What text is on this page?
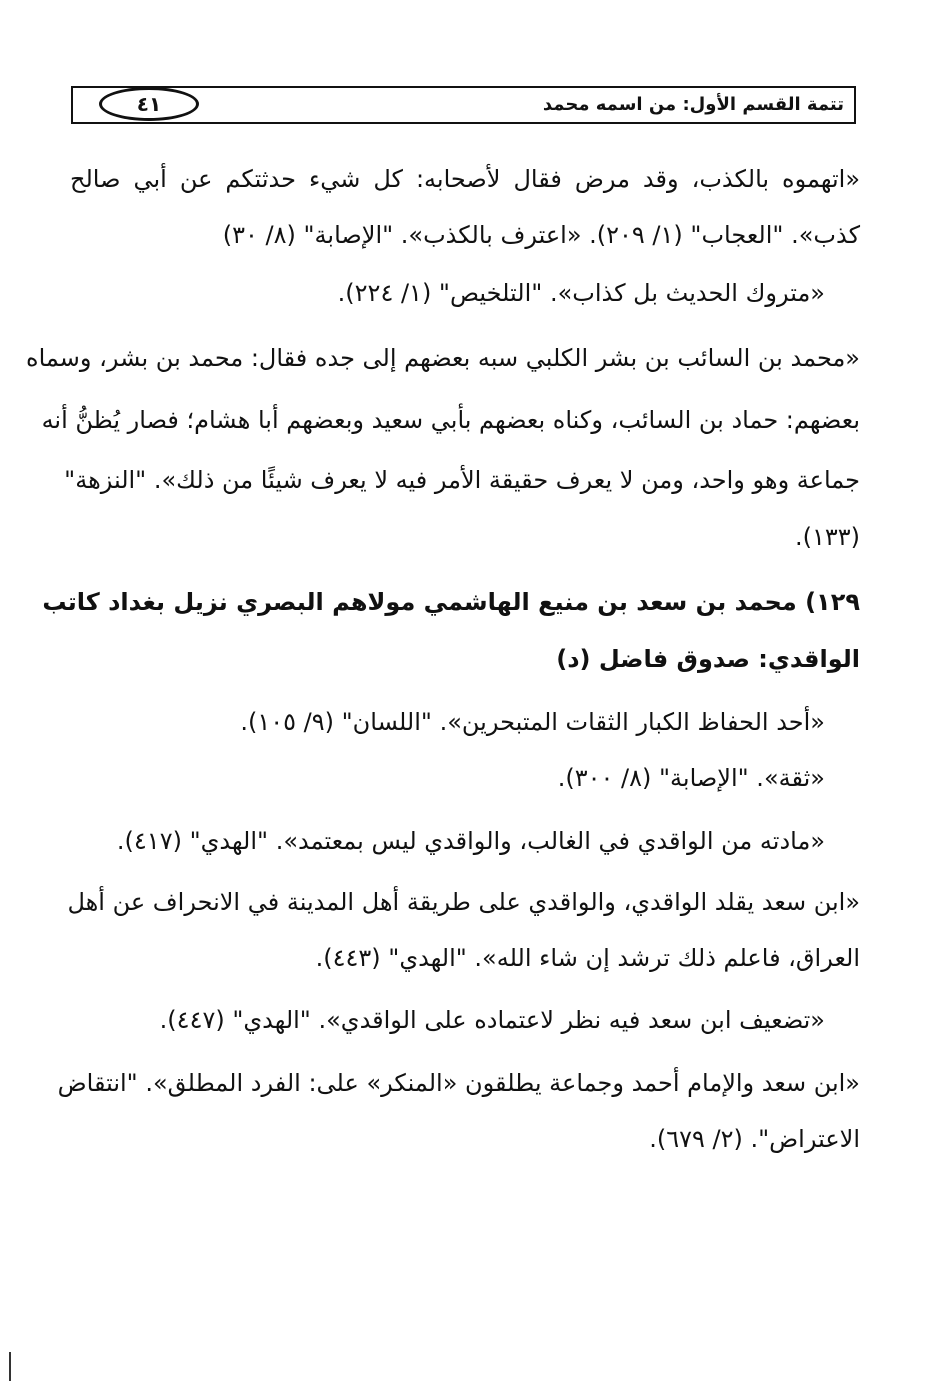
تتمة القسم الأول: من اسمه محمد
٤١
«اتهموه بالكذب، وقد مرض فقال لأصحابه: كل شيء حدثتكم عن أبي صالح
كذب». "العجاب" (١/ ٢٠٩). «اعترف بالكذب». "الإصابة" (٨/ ٣٠)
«متروك الحديث بل كذاب». "التلخيص" (١/ ٢٢٤).
«محمد بن السائب بن بشر الكلبي سبه بعضهم إلى جده فقال: محمد بن بشر، وسماه
بعضهم: حماد بن السائب، وكناه بعضهم بأبي سعيد وبعضهم أبا هشام؛ فصار يُظنُّ أنه
جماعة وهو واحد، ومن لا يعرف حقيقة الأمر فيه لا يعرف شيئًا من ذلك». "النزهة"
(١٣٣).
١٢٩) محمد بن سعد بن منيع الهاشمي مولاهم البصري نزيل بغداد كاتب
الواقدي: صدوق فاضل (د)
«أحد الحفاظ الكبار الثقات المتبحرين». "اللسان" (٩/ ١٠٥).
«ثقة». "الإصابة" (٨/ ٣٠٠).
«مادته من الواقدي في الغالب، والواقدي ليس بمعتمد». "الهدي" (٤١٧).
«ابن سعد يقلد الواقدي، والواقدي على طريقة أهل المدينة في الانحراف عن أهل
العراق، فاعلم ذلك ترشد إن شاء الله». "الهدي" (٤٤٣).
«تضعيف ابن سعد فيه نظر لاعتماده على الواقدي». "الهدي" (٤٤٧).
«ابن سعد والإمام أحمد وجماعة يطلقون «المنكر» على: الفرد المطلق». "انتقاض
الاعتراض". (٢/ ٦٧٩).
